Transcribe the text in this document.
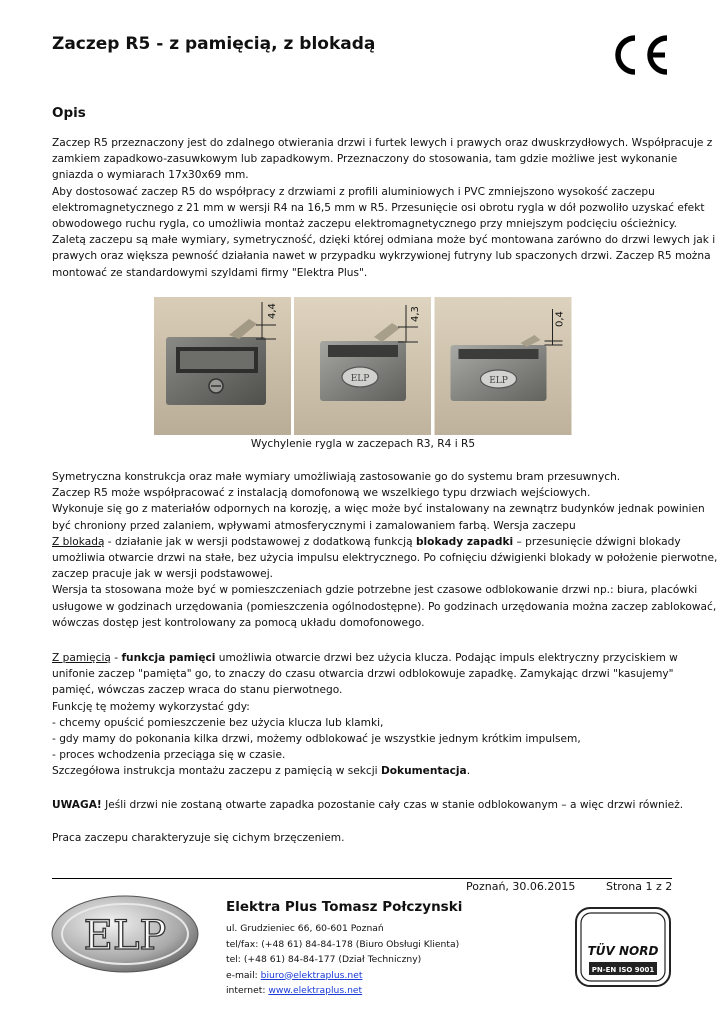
Zaczep R5 - z pamięcią, z blokadą
Opis
Zaczep R5 przeznaczony jest do zdalnego otwierania drzwi i furtek lewych i prawych oraz dwuskrzydłowych. Współpracuje z
zamkiem zapadkowo-zasuwkowym lub zapadkowym. Przeznaczony do stosowania, tam gdzie możliwe jest wykonanie
gniazda o wymiarach 17x30x69 mm.
Aby dostosować zaczep R5 do współpracy z drzwiami z profili aluminiowych i PVC zmniejszono wysokość zaczepu
elektromagnetycznego z 21 mm w wersji R4 na 16,5 mm w R5. Przesunięcie osi obrotu rygla w dół pozwoliło uzyskać efekt
obwodowego ruchu rygla, co umożliwia montaż zaczepu elektromagnetycznego przy mniejszym podcięciu ościeżnicy.
Zaletą zaczepu są małe wymiary, symetryczność, dzięki której odmiana może być montowana zarówno do drzwi lewych jak i
prawych oraz większa pewność działania nawet w przypadku wykrzywionej futryny lub spaczonych drzwi. Zaczep R5 można
montować ze standardowymi szyldami firmy "Elektra Plus".
4,4
ELP
4,3
ELP
0,4
Wychylenie rygla w zaczepach R3, R4 i R5
Symetryczna konstrukcja oraz małe wymiary umożliwiają zastosowanie go do systemu bram przesuwnych.
Zaczep R5 może współpracować z instalacją domofonową we wszelkiego typu drzwiach wejściowych.
Wykonuje się go z materiałów odpornych na korozję, a więc może być instalowany na zewnątrz budynków jednak powinien
być chroniony przed zalaniem, wpływami atmosferycznymi i zamalowaniem farbą. Wersja zaczepu
Z blokadą - działanie jak w wersji podstawowej z dodatkową funkcją blokady zapadki – przesunięcie dźwigni blokady
umożliwia otwarcie drzwi na stałe, bez użycia impulsu elektrycznego. Po cofnięciu dźwigienki blokady w położenie pierwotne,
zaczep pracuje jak w wersji podstawowej.
Wersja ta stosowana może być w pomieszczeniach gdzie potrzebne jest czasowe odblokowanie drzwi np.: biura, placówki
usługowe w godzinach urzędowania (pomieszczenia ogólnodostępne). Po godzinach urzędowania można zaczep zablokować,
wówczas dostęp jest kontrolowany za pomocą układu domofonowego.
Z pamięcią - funkcja pamięci umożliwia otwarcie drzwi bez użycia klucza. Podając impuls elektryczny przyciskiem w
unifonie zaczep "pamięta" go, to znaczy do czasu otwarcia drzwi odblokowuje zapadkę. Zamykając drzwi "kasujemy"
pamięć, wówczas zaczep wraca do stanu pierwotnego.
Funkcję tę możemy wykorzystać gdy:
- chcemy opuścić pomieszczenie bez użycia klucza lub klamki,
- gdy mamy do pokonania kilka drzwi, możemy odblokować je wszystkie jednym krótkim impulsem,
- proces wchodzenia przeciąga się w czasie.
Szczegółowa instrukcja montażu zaczepu z pamięcią w sekcji Dokumentacja.
UWAGA! Jeśli drzwi nie zostaną otwarte zapadka pozostanie cały czas w stanie odblokowanym – a więc drzwi również.
Praca zaczepu charakteryzuje się cichym brzęczeniem.
Poznań, 30.06.2015	Strona 1 z 2
ELP
Elektra Plus Tomasz Połczynski
ul. Grudzieniec 66, 60-601 Poznań
tel/fax: (+48 61) 84-84-178 (Biuro Obsługi Klienta)
tel: (+48 61) 84-84-177 (Dział Techniczny)
e-mail: biuro@elektraplus.net
internet: www.elektraplus.net
TÜV NORD
PN-EN ISO 9001
